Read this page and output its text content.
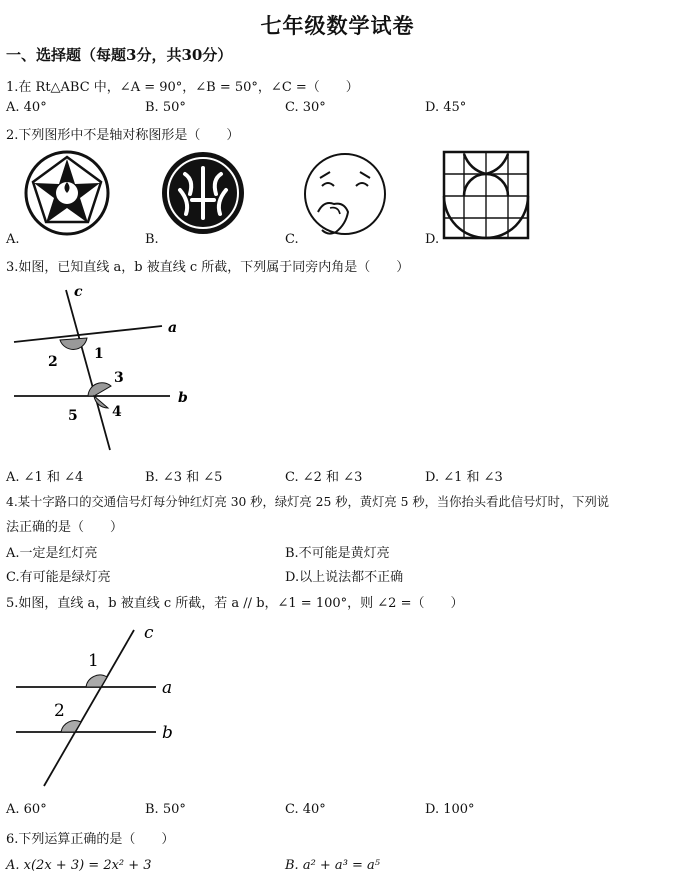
七年级数学试卷
一、选择题（每题3分，共30分）
1.在 Rt△ABC 中，∠A = 90°，∠B = 50°，∠C =（　　）
A. 40°	B. 50°	C. 30°	D. 45°
2.下列图形中不是轴对称图形是（　　）
A.	B.	C.	D.
3.如图，已知直线 a，b 被直线 c 所截，下列属于同旁内角是（　　）
c
a
b
1
2
3
4
5
A. ∠1 和 ∠4	B. ∠3 和 ∠5	C. ∠2 和 ∠3	D. ∠1 和 ∠3
4.某十字路口的交通信号灯每分钟红灯亮 30 秒，绿灯亮 25 秒，黄灯亮 5 秒，当你抬头看此信号灯时，下列说
法正确的是（　　）
A.一定是红灯亮	B.不可能是黄灯亮
C.有可能是绿灯亮	D.以上说法都不正确
5.如图，直线 a，b 被直线 c 所截，若 a // b，∠1 = 100°，则 ∠2 =（　　）
c
a
b
1
2
A. 60°	B. 50°	C. 40°	D. 100°
6.下列运算正确的是（　　）
A. x(2x + 3) = 2x² + 3	B. a² + a³ = a⁵
